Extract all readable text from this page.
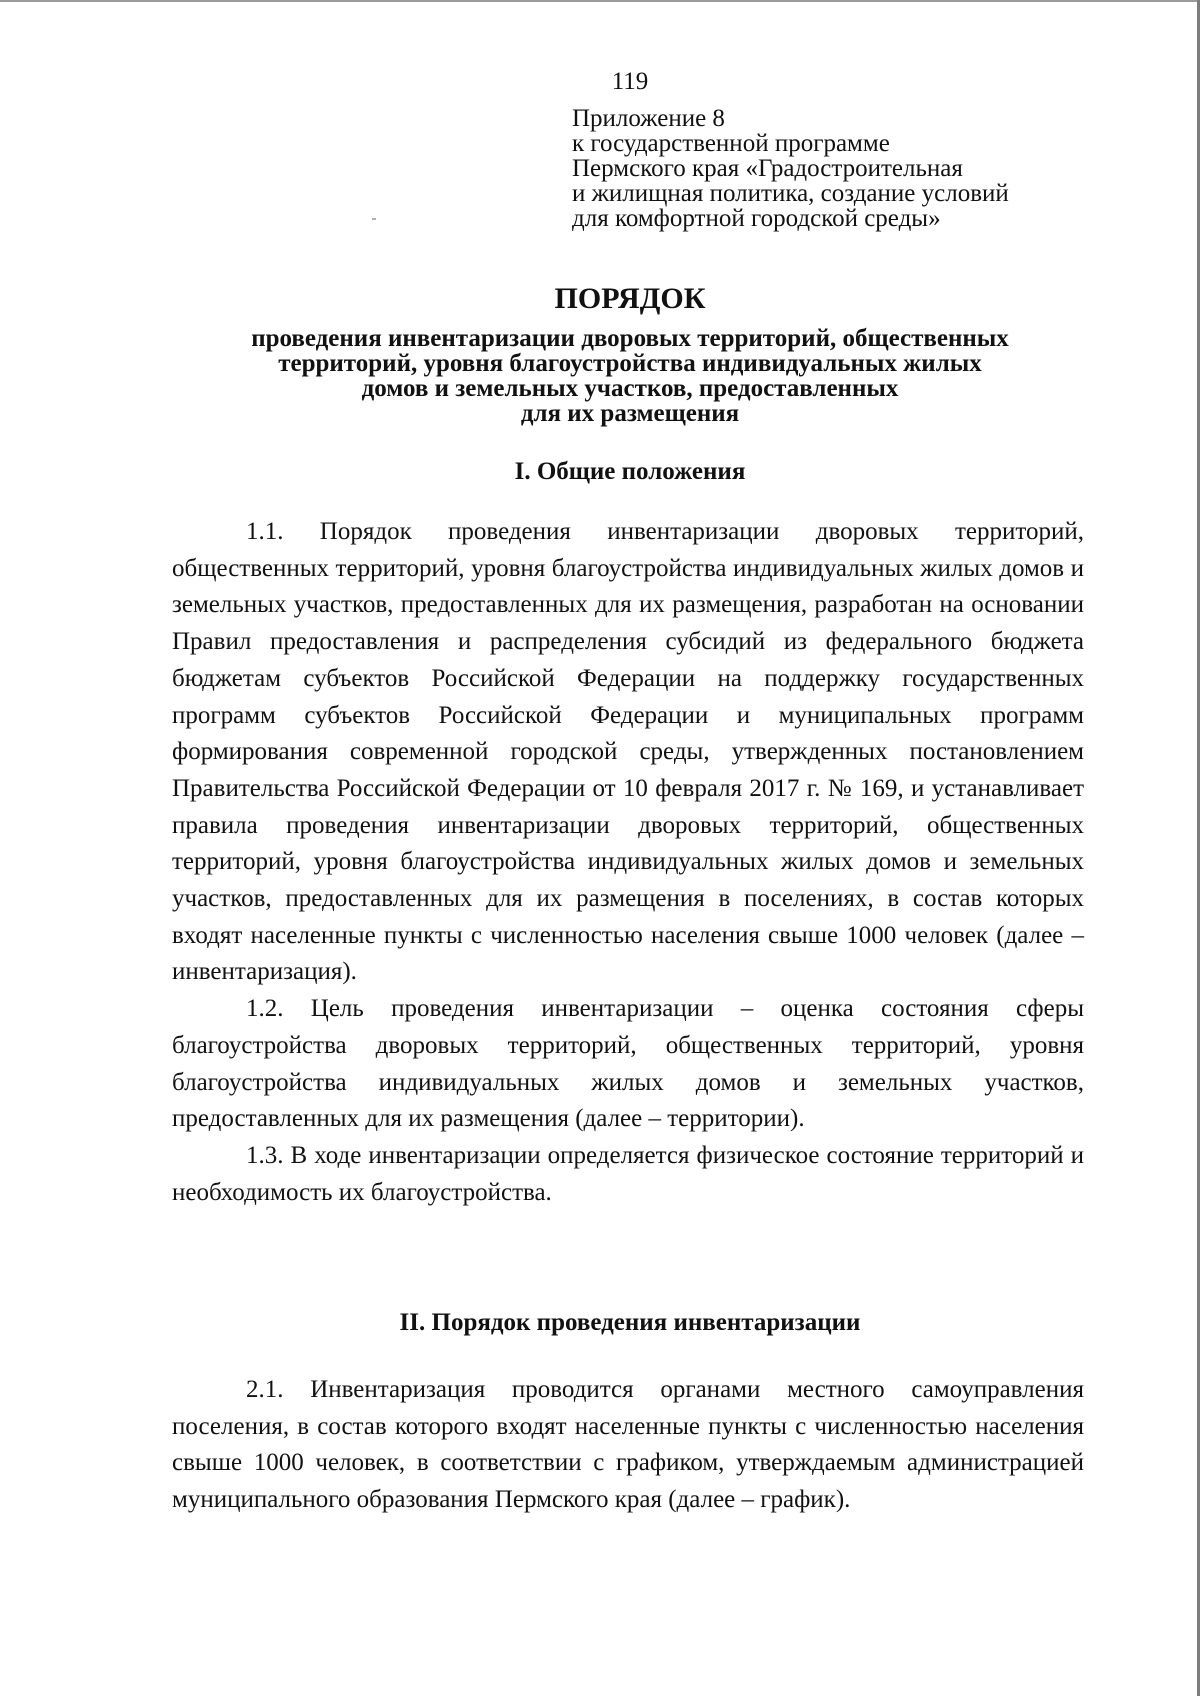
119
Приложение 8
к государственной программе
Пермского края «Градостроительная
и жилищная политика, создание условий
для комфортной городской среды»
ПОРЯДОК
проведения инвентаризации дворовых территорий, общественных
территорий, уровня благоустройства индивидуальных жилых
домов и земельных участков, предоставленных
для их размещения
I. Общие положения

1.1. Порядок проведения инвентаризации дворовых территорий, общественных территорий, уровня благоустройства индивидуальных жилых домов и земельных участков, предоставленных для их размещения, разработан на основании Правил предоставления и распределения субсидий из федерального бюджета бюджетам субъектов Российской Федерации на поддержку государственных программ субъектов Российской Федерации и муниципальных программ формирования современной городской среды, утвержденных постановлением Правительства Российской Федерации от 10 февраля 2017 г. № 169, и устанавливает правила проведения инвентаризации дворовых территорий, общественных территорий, уровня благоустройства индивидуальных жилых домов и земельных участков, предоставленных для их размещения в поселениях, в состав которых входят населенные пункты с численностью населения свыше 1000 человек (далее – инвентаризация).

1.2. Цель проведения инвентаризации – оценка состояния сферы благоустройства дворовых территорий, общественных территорий, уровня благоустройства индивидуальных жилых домов и земельных участков, предоставленных для их размещения (далее – территории).

1.3. В ходе инвентаризации определяется физическое состояние территорий и необходимость их благоустройства.

II. Порядок проведения инвентаризации

2.1. Инвентаризация проводится органами местного самоуправления поселения, в состав которого входят населенные пункты с численностью населения свыше 1000 человек, в соответствии с графиком, утверждаемым администрацией муниципального образования Пермского края (далее – график).
